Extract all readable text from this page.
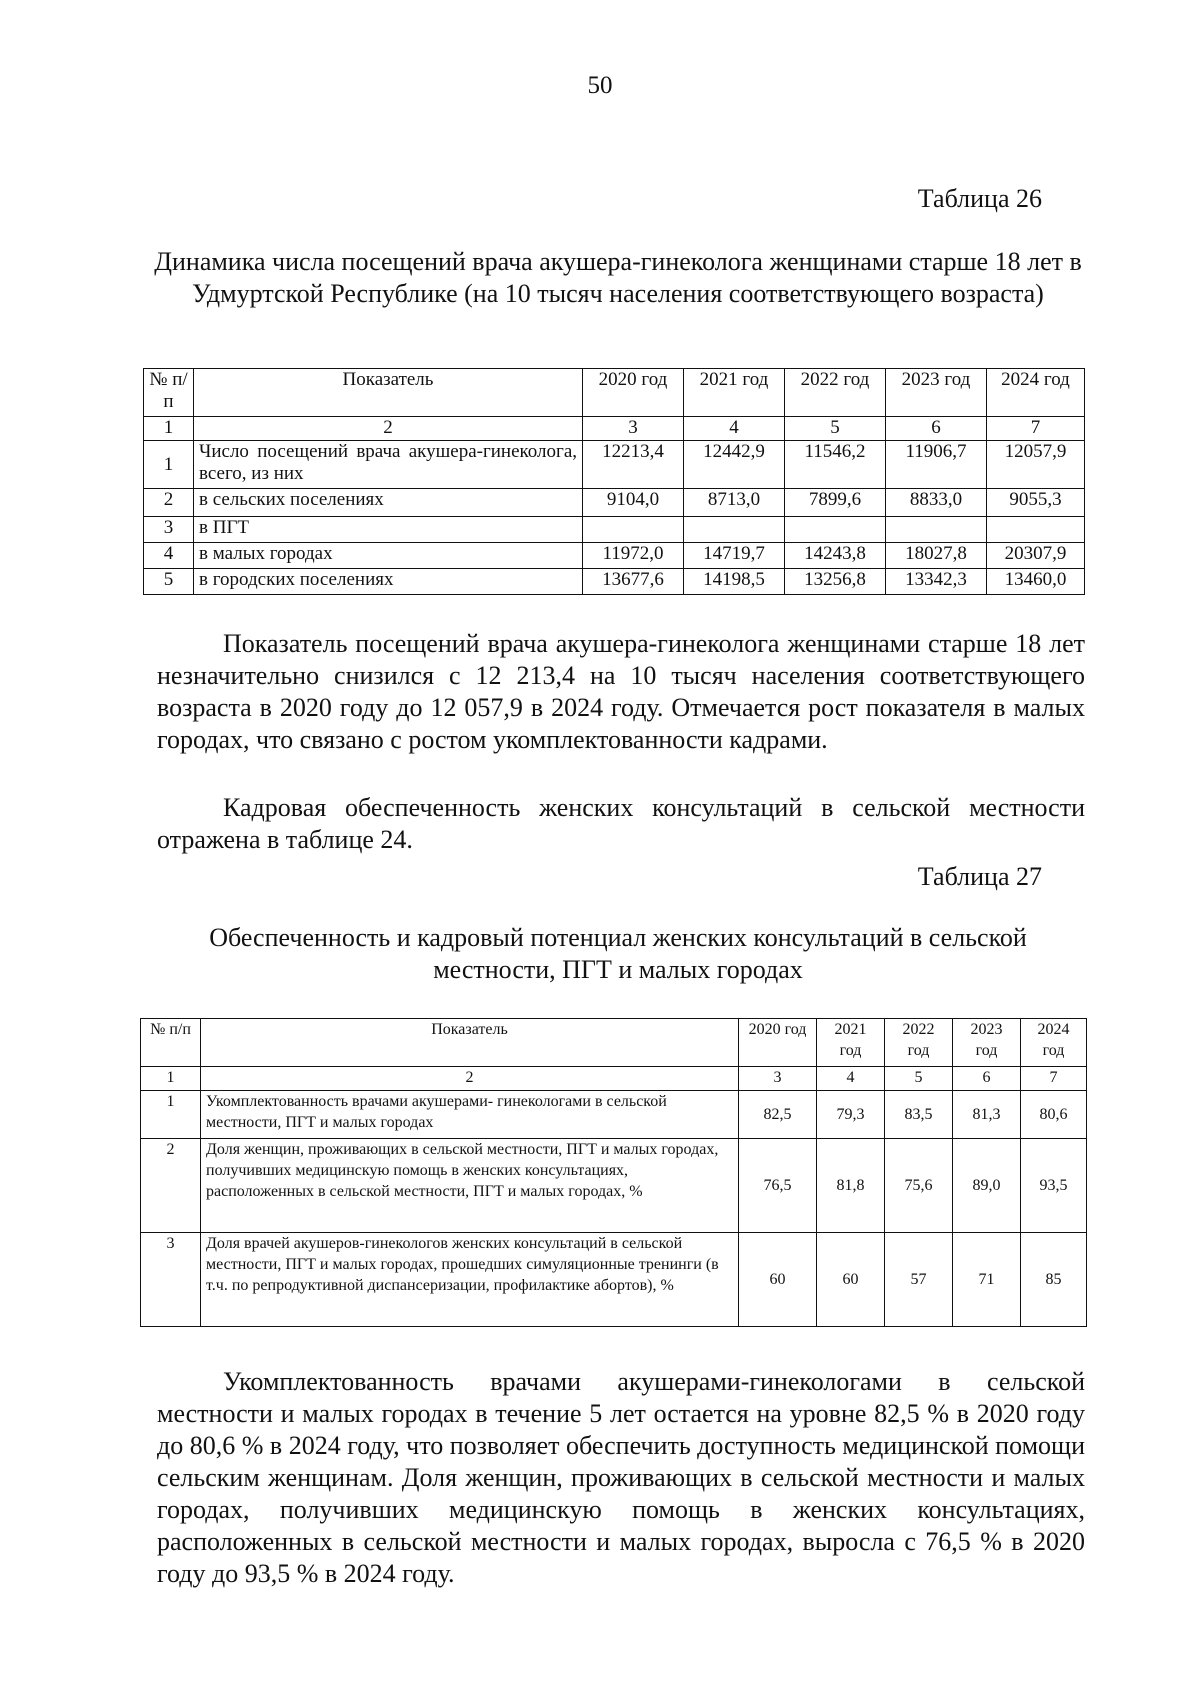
50
Таблица 26
Динамика числа посещений врача акушера-гинеколога женщинами старше 18 лет в Удмуртской Республике (на 10 тысяч населения соответствующего возраста)
№ п/п	Показатель	2020 год	2021 год	2022 год	2023 год	2024 год
1	2	3	4	5	6	7
1	Число посещений врача акушера-гинеколога, всего, из них	12213,4	12442,9	11546,2	11906,7	12057,9
2	в сельских поселениях	9104,0	8713,0	7899,6	8833,0	9055,3
3	в ПГТ					
4	в малых городах	11972,0	14719,7	14243,8	18027,8	20307,9
5	в городских поселениях	13677,6	14198,5	13256,8	13342,3	13460,0
Показатель посещений врача акушера-гинеколога женщинами старше 18 лет незначительно снизился с 12 213,4 на 10 тысяч населения соответствующего возраста в 2020 году до 12 057,9 в 2024 году. Отмечается рост показателя в малых городах, что связано с ростом укомплектованности кадрами.
Кадровая обеспеченность женских консультаций в сельской местности отражена в таблице 24.
Таблица 27
Обеспеченность и кадровый потенциал женских консультаций в сельской местности, ПГТ и малых городах
№ п/п	Показатель	2020 год	2021 год	2022 год	2023 год	2024 год
1	2	3	4	5	6	7
1	Укомплектованность врачами акушерами- гинекологами в сельской местности, ПГТ и малых городах	82,5	79,3	83,5	81,3	80,6
2	Доля женщин, проживающих в сельской местности, ПГТ и малых городах, получивших медицинскую помощь в женских консультациях, расположенных в сельской местности, ПГТ и малых городах, %	76,5	81,8	75,6	89,0	93,5
3	Доля врачей акушеров-гинекологов женских консультаций в сельской местности, ПГТ и малых городах, прошедших симуляционные тренинги (в т.ч. по репродуктивной диспансеризации, профилактике абортов), %	60	60	57	71	85
Укомплектованность врачами акушерами-гинекологами в сельской местности и малых городах в течение 5 лет остается на уровне 82,5 % в 2020 году до 80,6 % в 2024 году, что позволяет обеспечить доступность медицинской помощи сельским женщинам. Доля женщин, проживающих в сельской местности и малых городах, получивших медицинскую помощь в женских консультациях, расположенных в сельской местности и малых городах, выросла с 76,5 % в 2020 году до 93,5 % в 2024 году.
